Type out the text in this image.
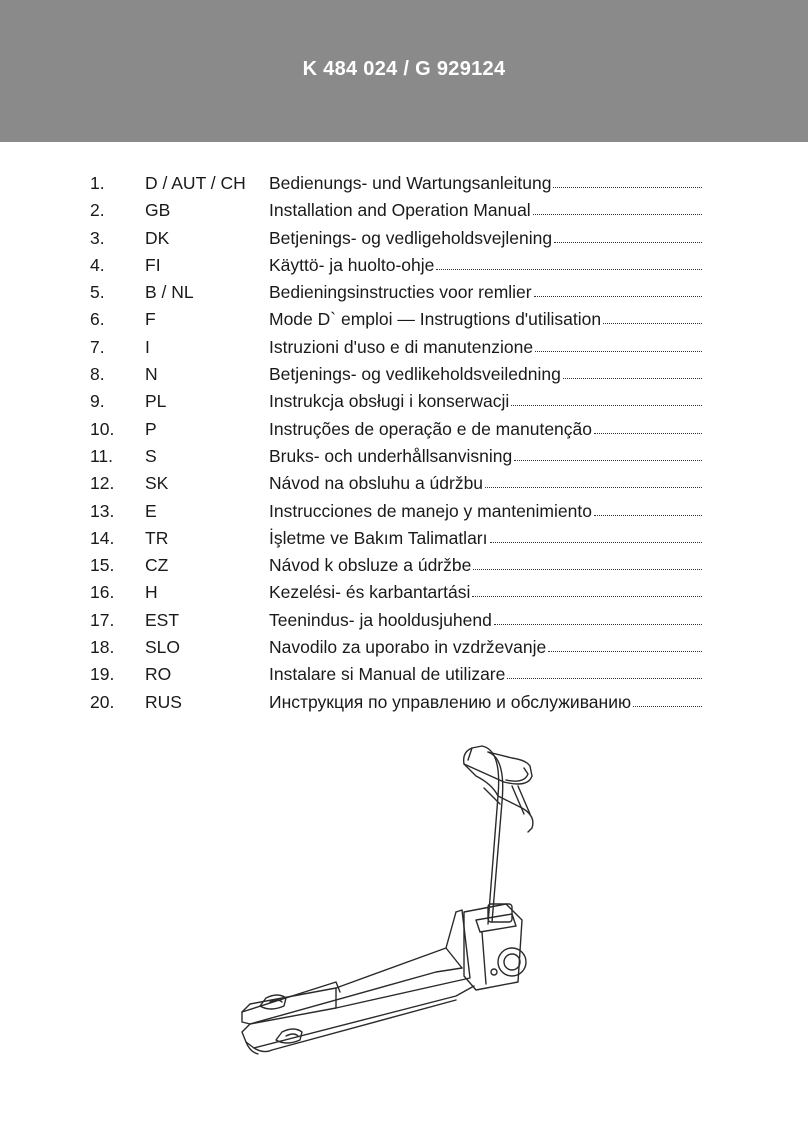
K 484 024 / G 929124
1.	D / AUT / CH	Bedienungs- und Wartungsanleitung
2.	GB	Installation and Operation Manual
3.	DK	Betjenings- og vedligeholdsvejlening
4.	FI	Käyttö- ja huolto-ohje
5.	B / NL	Bedieningsinstructies voor remlier
6.	F	Mode D` emploi — Instrugtions d'utilisation
7.	I	Istruzioni d'uso e di manutenzione
8.	N	Betjenings- og vedlikeholdsveiledning
9.	PL	Instrukcja obsługi i konserwacji
10.	P	Instruções de operação e de manutenção
11.	S	Bruks- och underhållsanvisning
12.	SK	Návod na obsluhu a údržbu
13.	E	Instrucciones de manejo y mantenimiento
14.	TR	İşletme ve Bakım Talimatları
15.	CZ	Návod k obsluze a údržbe
16.	H	Kezelési- és karbantartási
17.	EST	Teenindus- ja hooldusjuhend
18.	SLO	Navodilo za uporabo in vzdrževanje
19.	RO	Instalare si Manual de utilizare
20.	RUS	Инструкция по управлению и обслуживанию
